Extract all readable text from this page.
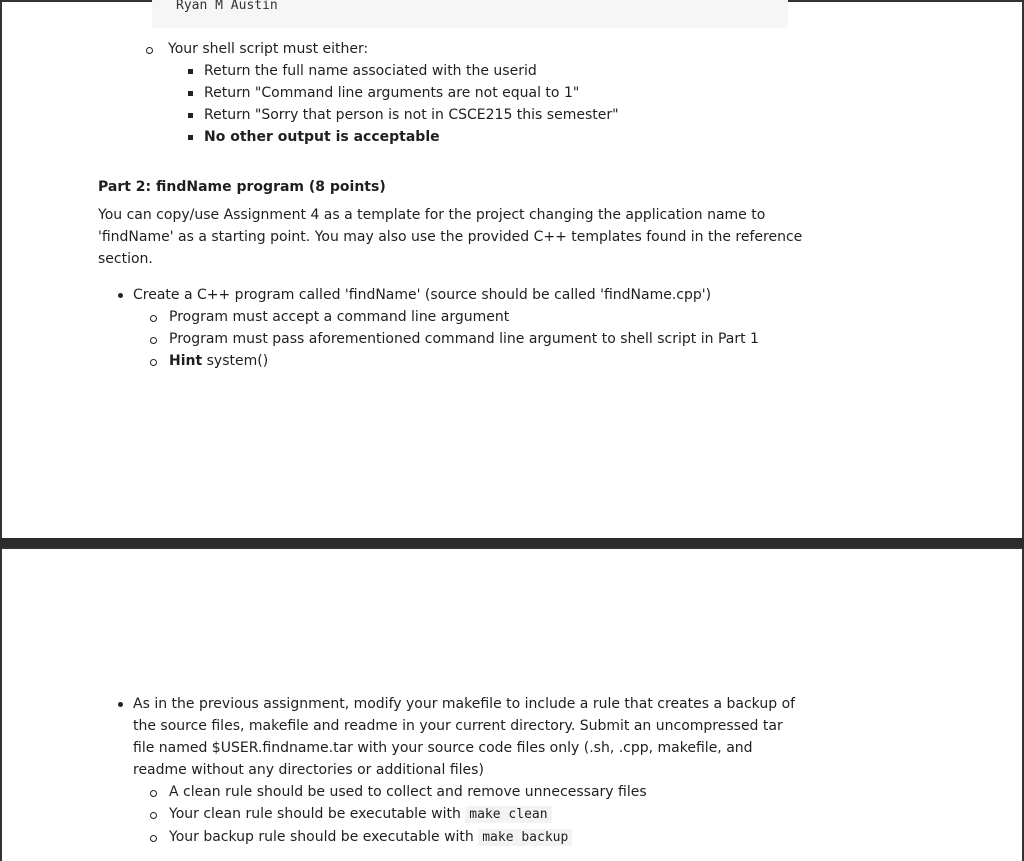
Ryan M Austin
Your shell script must either:
Return the full name associated with the userid
Return "Command line arguments are not equal to 1"
Return "Sorry that person is not in CSCE215 this semester"
No other output is acceptable
Part 2: findName program (8 points)
You can copy/use Assignment 4 as a template for the project changing the application name to
'findName' as a starting point. You may also use the provided C++ templates found in the reference
section.
Create a C++ program called 'findName' (source should be called 'findName.cpp')
Program must accept a command line argument
Program must pass aforementioned command line argument to shell script in Part 1
Hint system()
As in the previous assignment, modify your makefile to include a rule that creates a backup of
the source files, makefile and readme in your current directory. Submit an uncompressed tar
file named $USER.findname.tar with your source code files only (.sh, .cpp, makefile, and
readme without any directories or additional files)
A clean rule should be used to collect and remove unnecessary files
Your clean rule should be executable with make clean
Your backup rule should be executable with make backup
